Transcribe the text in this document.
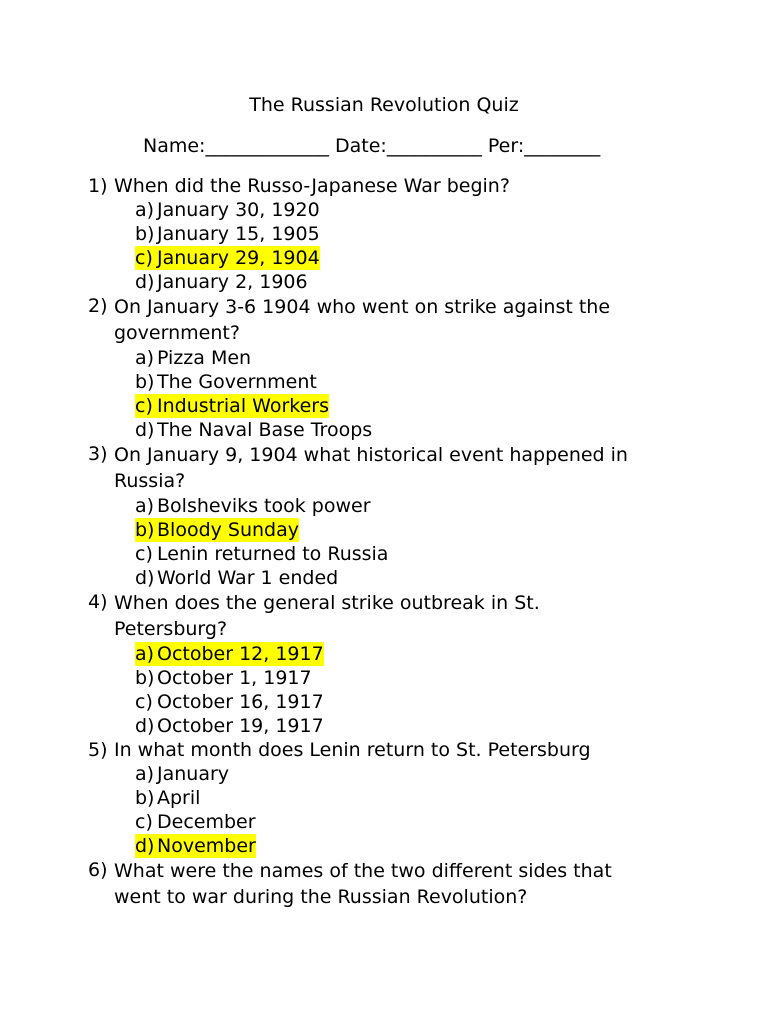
The Russian Revolution Quiz
Name:_____________ Date:__________ Per:________
1) When did the Russo-Japanese War begin?
a) January 30, 1920
b) January 15, 1905
c) January 29, 1904
d) January 2, 1906
2) On January 3-6 1904 who went on strike against the government?
a) Pizza Men
b) The Government
c) Industrial Workers
d) The Naval Base Troops
3) On January 9, 1904 what historical event happened in Russia?
a) Bolsheviks took power
b) Bloody Sunday
c) Lenin returned to Russia
d) World War 1 ended
4) When does the general strike outbreak in St. Petersburg?
a) October 12, 1917
b) October 1, 1917
c) October 16, 1917
d) October 19, 1917
5) In what month does Lenin return to St. Petersburg
a) January
b) April
c) December
d) November
6) What were the names of the two different sides that went to war during the Russian Revolution?
